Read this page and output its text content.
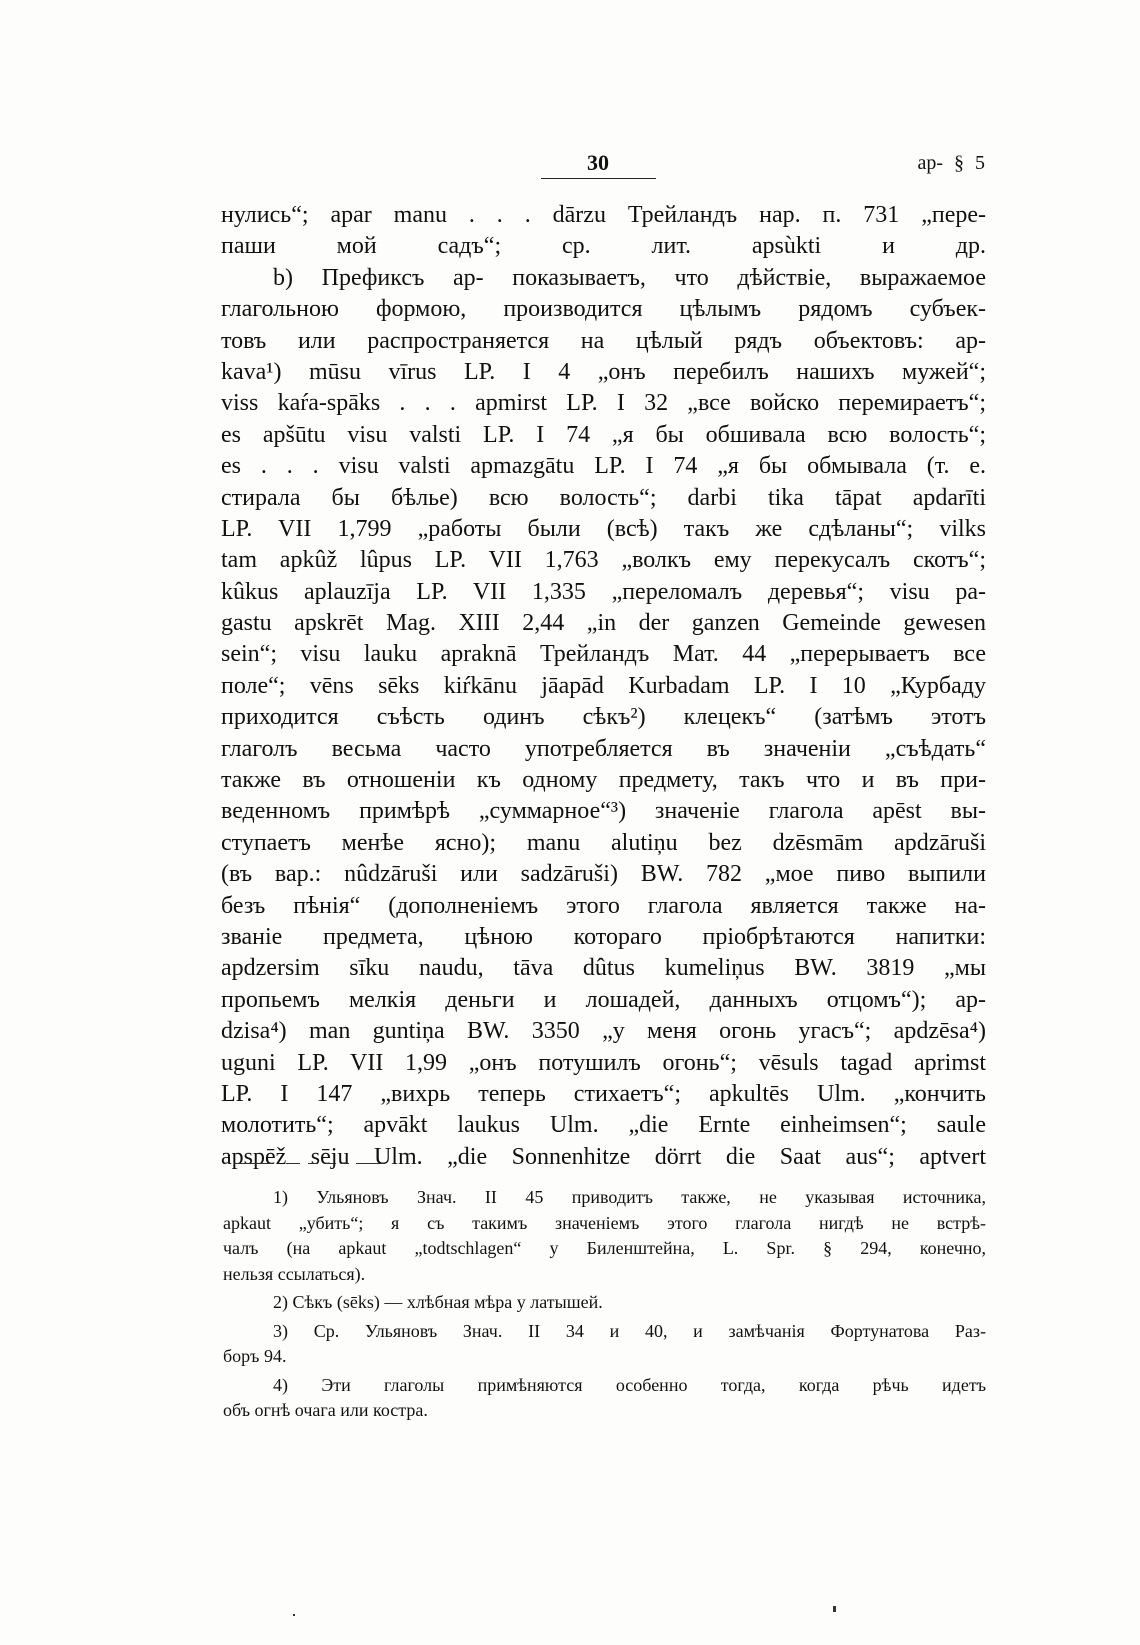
30	ap- § 5
нулись“; apar manu . . . dārzu Трейландъ нар. п. 731 „пере-
паши мой садъ“; ср. лит. apsùkti и др.
b) Префиксъ ap- показываетъ, что дѣйствіе, выражаемое
глагольною формою, производится цѣлымъ рядомъ субъек-
товъ или распространяется на цѣлый рядъ объектовъ: ap-
kava¹) mūsu vīrus LP. I 4 „онъ перебилъ нашихъ мужей“;
viss kaŕa-spāks . . . apmirst LP. I 32 „все войско перемираетъ“;
es apšūtu visu valsti LP. I 74 „я бы обшивала всю волость“;
es . . . visu valsti apmazgātu LP. I 74 „я бы обмывала (т. е.
стирала бы бѣлье) всю волость“; darbi tika tāpat apdarīti
LP. VII 1,799 „работы были (всѣ) такъ же сдѣланы“; vilks
tam apkûž lûpus LP. VII 1,763 „волкъ ему перекусалъ скотъ“;
kûkus aplauzīja LP. VII 1,335 „переломалъ деревья“; visu pa-
gastu apskrēt Mag. XIII 2,44 „in der ganzen Gemeinde gewesen
sein“; visu lauku apraknā Трейландъ Мат. 44 „перерываетъ все
поле“; vēns sēks kiŕkānu jāapād Kurbadam LP. I 10 „Курбаду
приходится съѣсть одинъ сѣкъ²) клецекъ“ (затѣмъ этотъ
глаголъ весьма часто употребляется въ значеніи „съѣдать“
также въ отношеніи къ одному предмету, такъ что и въ при-
веденномъ примѣрѣ „суммарное“³) значеніе глагола apēst вы-
ступаетъ менѣе ясно); manu alutiņu bez dzēsmām apdzāruši
(въ вар.: nûdzāruši или sadzāruši) BW. 782 „мое пиво выпили
безъ пѣнія“ (дополненіемъ этого глагола является также на-
званіе предмета, цѣною котораго пріобрѣтаются напитки:
apdzersim sīku naudu, tāva dûtus kumeliņus BW. 3819 „мы
пропьемъ мелкія деньги и лошадей, данныхъ отцомъ“); ap-
dzisa⁴) man guntiņa BW. 3350 „у меня огонь угасъ“; apdzēsa⁴)
uguni LP. VII 1,99 „онъ потушилъ огонь“; vēsuls tagad aprimst
LP. I 147 „вихрь теперь стихаетъ“; apkultēs Ulm. „кончить
молотить“; apvākt laukus Ulm. „die Ernte einheimsen“; saule
apspēž sēju Ulm. „die Sonnenhitze dörrt die Saat aus“; aptvert
1) Ульяновъ Знач. II 45 приводитъ также, не указывая источника,
apkaut „убить“; я съ такимъ значеніемъ этого глагола нигдѣ не встрѣ-
чалъ (на apkaut „todtschlagen“ у Биленштейна, L. Spr. § 294, конечно,
нельзя ссылаться).
2) Сѣкъ (sēks) — хлѣбная мѣра у латышей.
3) Ср. Ульяновъ Знач. II 34 и 40, и замѣчанія Фортунатова Раз-
боръ 94.
4) Эти глаголы примѣняются особенно тогда, когда рѣчь идетъ
объ огнѣ очага или костра.
